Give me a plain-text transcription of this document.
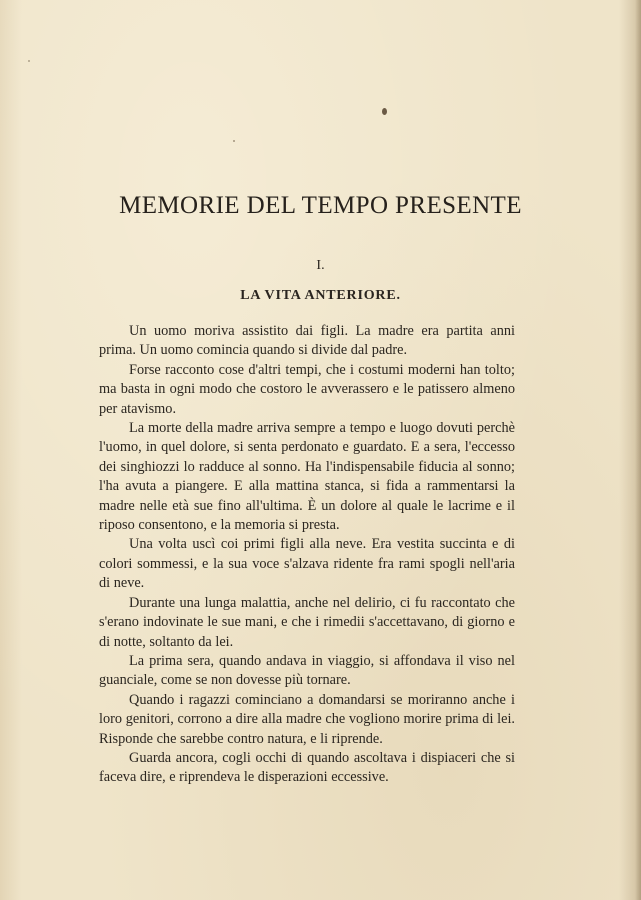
MEMORIE DEL TEMPO PRESENTE
I.
LA VITA ANTERIORE.

Un uomo moriva assistito dai figli. La madre era partita anni prima. Un uomo comincia quando si divide dal padre.

Forse racconto cose d'altri tempi, che i costumi moderni han tolto; ma basta in ogni modo che costoro le avverassero e le patissero almeno per atavismo.

La morte della madre arriva sempre a tempo e luogo dovuti perchè l'uomo, in quel dolore, si senta perdonato e guardato. E a sera, l'eccesso dei singhiozzi lo radduce al sonno. Ha l'indispensabile fiducia al sonno; l'ha avuta a piangere. E alla mattina stanca, si fida a rammentarsi la madre nelle età sue fino all'ultima. È un dolore al quale le lacrime e il riposo consentono, e la memoria si presta.

Una volta uscì coi primi figli alla neve. Era vestita succinta e di colori sommessi, e la sua voce s'alzava ridente fra rami spogli nell'aria di neve.

Durante una lunga malattia, anche nel delirio, ci fu raccontato che s'erano indovinate le sue mani, e che i rimedii s'accettavano, di giorno e di notte, soltanto da lei.

La prima sera, quando andava in viaggio, si affondava il viso nel guanciale, come se non dovesse più tornare.

Quando i ragazzi cominciano a domandarsi se moriranno anche i loro genitori, corrono a dire alla madre che vogliono morire prima di lei. Risponde che sarebbe contro natura, e li riprende.

Guarda ancora, cogli occhi di quando ascoltava i dispiaceri che si faceva dire, e riprendeva le disperazioni eccessive.
